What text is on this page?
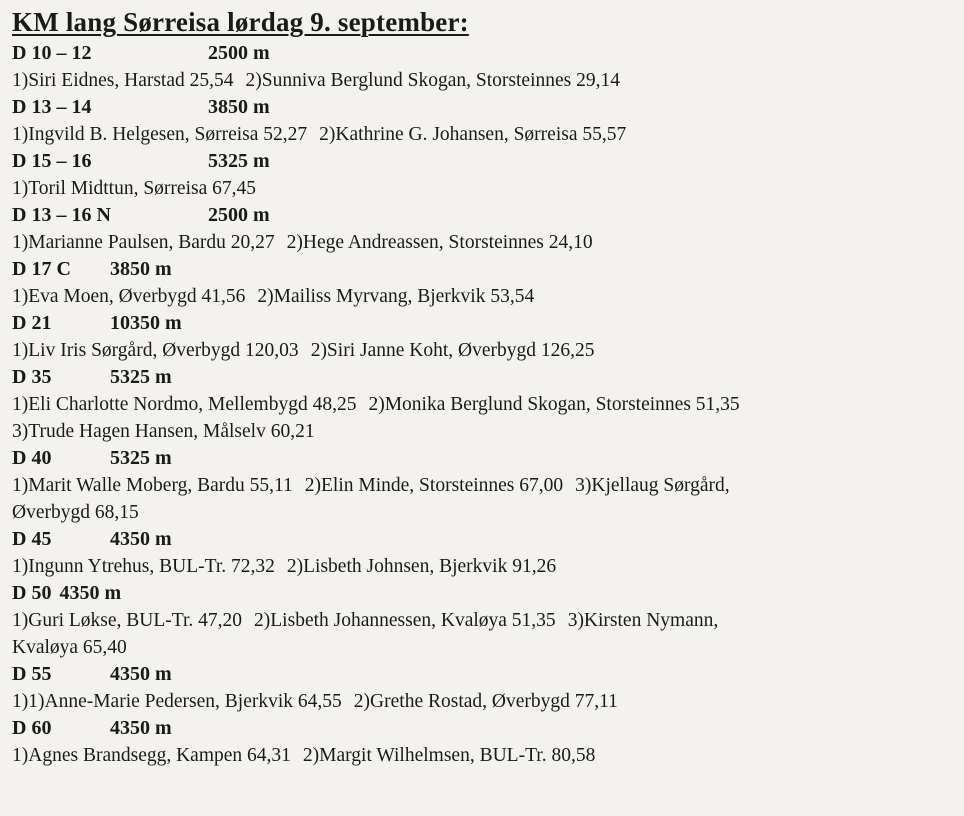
KM lang Sørreisa lørdag 9. september:
D 10 – 12	2500 m
1)Siri Eidnes, Harstad 25,54 2)Sunniva Berglund Skogan, Storsteinnes 29,14
D 13 – 14	3850 m
1)Ingvild B. Helgesen, Sørreisa 52,27 2)Kathrine G. Johansen, Sørreisa 55,57
D 15 – 16	5325 m
1)Toril Midttun, Sørreisa 67,45
D 13 – 16 N	2500 m
1)Marianne Paulsen, Bardu 20,27 2)Hege Andreassen, Storsteinnes 24,10
D 17 C 3850 m
1)Eva Moen, Øverbygd 41,56 2)Mailiss Myrvang, Bjerkvik 53,54
D 21	10350 m
1)Liv Iris Sørgård, Øverbygd 120,03 2)Siri Janne Koht, Øverbygd 126,25
D 35	5325 m
1)Eli Charlotte Nordmo, Mellembygd 48,25 2)Monika Berglund Skogan, Storsteinnes 51,35
3)Trude Hagen Hansen, Målselv 60,21
D 40	5325 m
1)Marit Walle Moberg, Bardu 55,11 2)Elin Minde, Storsteinnes 67,00 3)Kjellaug Sørgård,
Øverbygd 68,15
D 45	4350 m
1)Ingunn Ytrehus, BUL-Tr. 72,32 2)Lisbeth Johnsen, Bjerkvik 91,26
D 50 4350 m
1)Guri Løkse, BUL-Tr. 47,20 2)Lisbeth Johannessen, Kvaløya 51,35 3)Kirsten Nymann,
Kvaløya 65,40
D 55	4350 m
1)1)Anne-Marie Pedersen, Bjerkvik 64,55 2)Grethe Rostad, Øverbygd 77,11
D 60	4350 m
1)Agnes Brandsegg, Kampen 64,31 2)Margit Wilhelmsen, BUL-Tr. 80,58
